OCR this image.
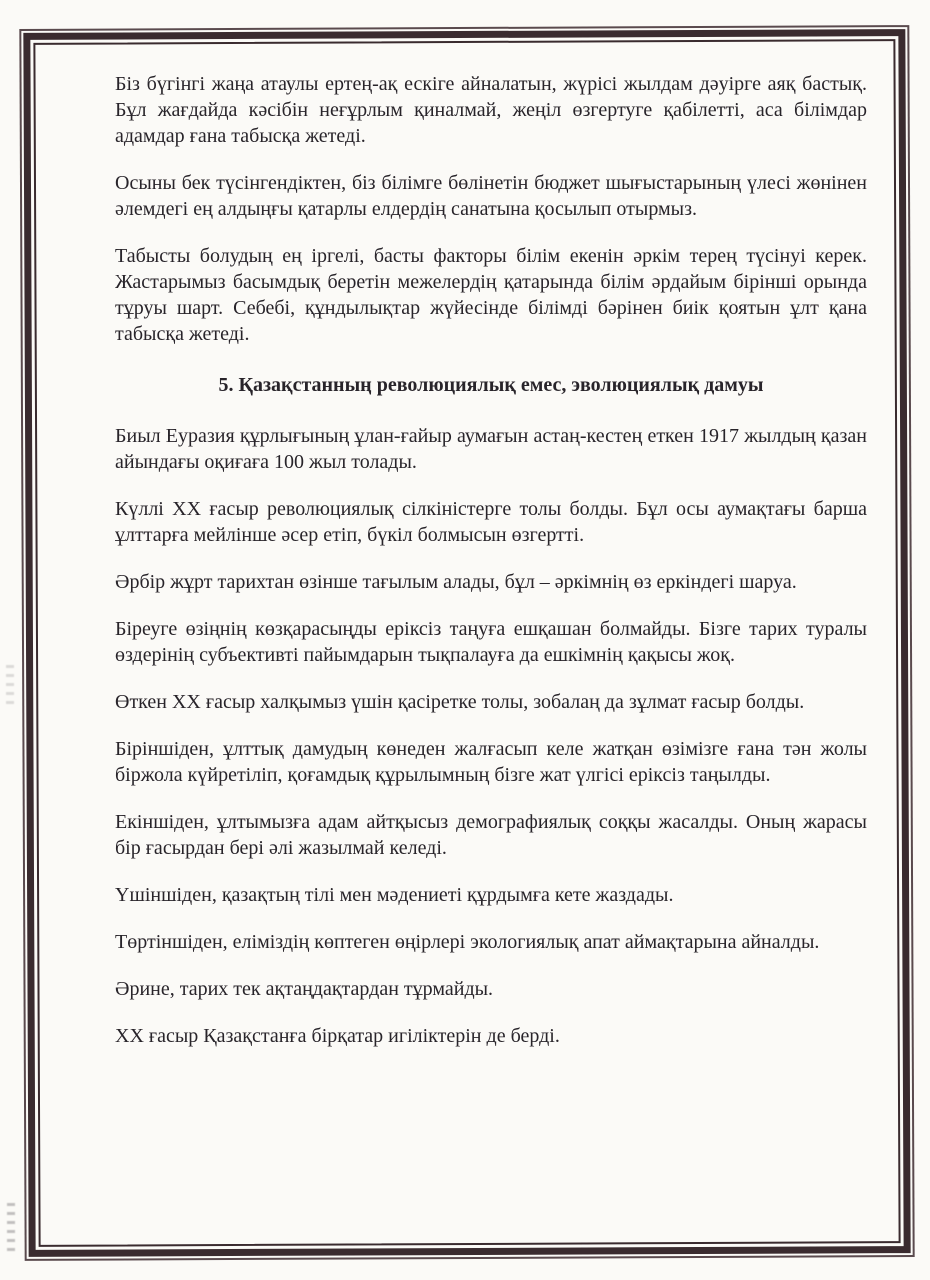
Біз бүгінгі жаңа атаулы ертең-ақ ескіге айналатын, жүрісі жылдам дәуірге аяқ бастық. Бұл жағдайда кәсібін неғұрлым қиналмай, жеңіл өзгертуге қабілетті, аса білімдар адамдар ғана табысқа жетеді.

Осыны бек түсінгендіктен, біз білімге бөлінетін бюджет шығыстарының үлесі жөнінен әлемдегі ең алдыңғы қатарлы елдердің санатына қосылып отырмыз.

Табысты болудың ең іргелі, басты факторы білім екенін әркім терең түсінуі керек. Жастарымыз басымдық беретін межелердің қатарында білім әрдайым бірінші орында тұруы шарт. Себебі, құндылықтар жүйесінде білімді бәрінен биік қоятын ұлт қана табысқа жетеді.

5. Қазақстанның революциялық емес, эволюциялық дамуы

Биыл Еуразия құрлығының ұлан-ғайыр аумағын астаң-кестең еткен 1917 жылдың қазан айындағы оқиғаға 100 жыл толады.

Күллі XX ғасыр революциялық сілкіністерге толы болды. Бұл осы аумақтағы барша ұлттарға мейлінше әсер етіп, бүкіл болмысын өзгертті.

Әрбір жұрт тарихтан өзінше тағылым алады, бұл – әркімнің өз еркіндегі шаруа.

Біреуге өзіңнің көзқарасыңды еріксіз таңуға ешқашан болмайды. Бізге тарих туралы өздерінің субъективті пайымдарын тықпалауға да ешкімнің қақысы жоқ.

Өткен XX ғасыр халқымыз үшін қасіретке толы, зобалаң да зұлмат ғасыр болды.

Біріншіден, ұлттық дамудың көнеден жалғасып келе жатқан өзімізге ғана тән жолы біржола күйретіліп, қоғамдық құрылымның бізге жат үлгісі еріксіз таңылды.

Екіншіден, ұлтымызға адам айтқысыз демографиялық соққы жасалды. Оның жарасы бір ғасырдан бері әлі жазылмай келеді.

Үшіншіден, қазақтың тілі мен мәдениеті құрдымға кете жаздады.

Төртіншіден, еліміздің көптеген өңірлері экологиялық апат аймақтарына айналды.

Әрине, тарих тек ақтаңдақтардан тұрмайды.

XX ғасыр Қазақстанға бірқатар игіліктерін де берді.
